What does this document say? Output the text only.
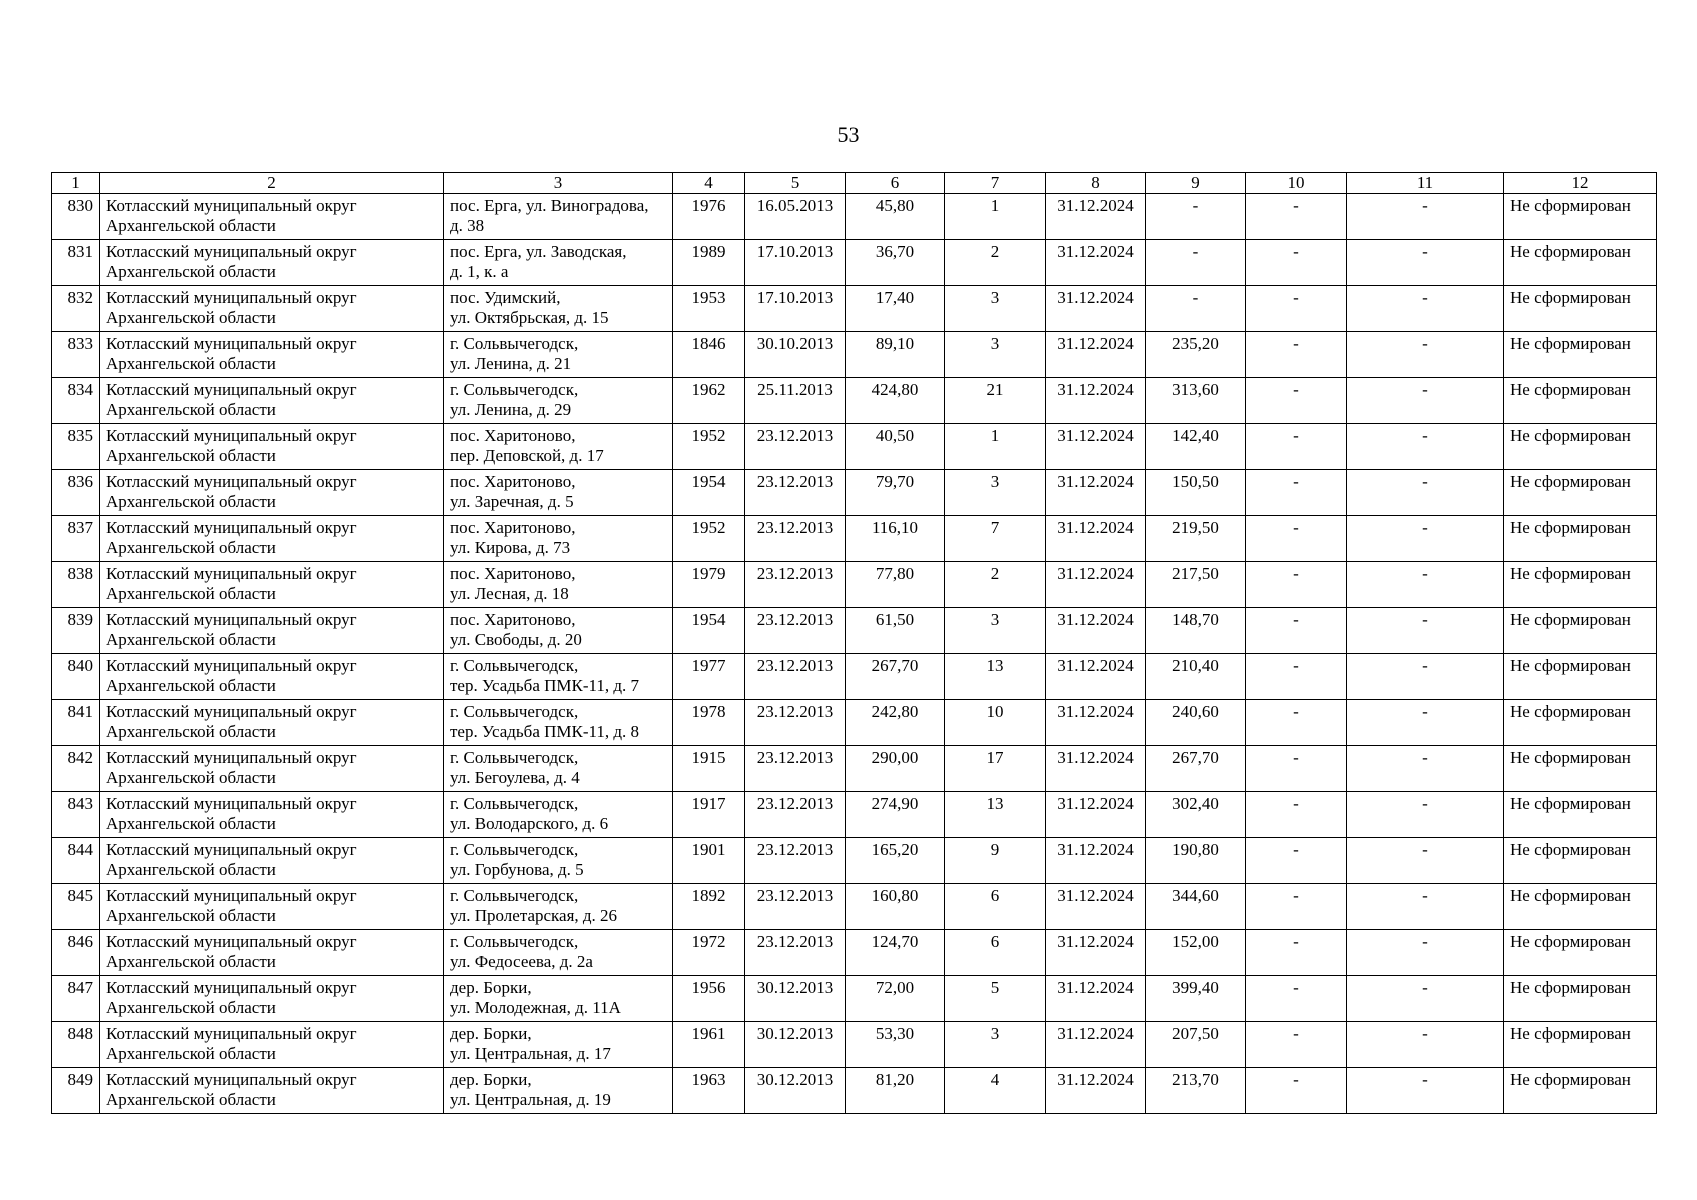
53
1	2	3	4	5	6	7	8	9	10	11	12
830	Котласский муниципальный округ
Архангельской области	пос. Ерга, ул. Виноградова,
д. 38	1976	16.05.2013	45,80	1	31.12.2024	-	-	-	Не сформирован
831	Котласский муниципальный округ
Архангельской области	пос. Ерга, ул. Заводская,
д. 1, к. а	1989	17.10.2013	36,70	2	31.12.2024	-	-	-	Не сформирован
832	Котласский муниципальный округ
Архангельской области	пос. Удимский,
ул. Октябрьская, д. 15	1953	17.10.2013	17,40	3	31.12.2024	-	-	-	Не сформирован
833	Котласский муниципальный округ
Архангельской области	г. Сольвычегодск,
ул. Ленина, д. 21	1846	30.10.2013	89,10	3	31.12.2024	235,20	-	-	Не сформирован
834	Котласский муниципальный округ
Архангельской области	г. Сольвычегодск,
ул. Ленина, д. 29	1962	25.11.2013	424,80	21	31.12.2024	313,60	-	-	Не сформирован
835	Котласский муниципальный округ
Архангельской области	пос. Харитоново,
пер. Деповской, д. 17	1952	23.12.2013	40,50	1	31.12.2024	142,40	-	-	Не сформирован
836	Котласский муниципальный округ
Архангельской области	пос. Харитоново,
ул. Заречная, д. 5	1954	23.12.2013	79,70	3	31.12.2024	150,50	-	-	Не сформирован
837	Котласский муниципальный округ
Архангельской области	пос. Харитоново,
ул. Кирова, д. 73	1952	23.12.2013	116,10	7	31.12.2024	219,50	-	-	Не сформирован
838	Котласский муниципальный округ
Архангельской области	пос. Харитоново,
ул. Лесная, д. 18	1979	23.12.2013	77,80	2	31.12.2024	217,50	-	-	Не сформирован
839	Котласский муниципальный округ
Архангельской области	пос. Харитоново,
ул. Свободы, д. 20	1954	23.12.2013	61,50	3	31.12.2024	148,70	-	-	Не сформирован
840	Котласский муниципальный округ
Архангельской области	г. Сольвычегодск,
тер. Усадьба ПМК-11, д. 7	1977	23.12.2013	267,70	13	31.12.2024	210,40	-	-	Не сформирован
841	Котласский муниципальный округ
Архангельской области	г. Сольвычегодск,
тер. Усадьба ПМК-11, д. 8	1978	23.12.2013	242,80	10	31.12.2024	240,60	-	-	Не сформирован
842	Котласский муниципальный округ
Архангельской области	г. Сольвычегодск,
ул. Бегоулева, д. 4	1915	23.12.2013	290,00	17	31.12.2024	267,70	-	-	Не сформирован
843	Котласский муниципальный округ
Архангельской области	г. Сольвычегодск,
ул. Володарского, д. 6	1917	23.12.2013	274,90	13	31.12.2024	302,40	-	-	Не сформирован
844	Котласский муниципальный округ
Архангельской области	г. Сольвычегодск,
ул. Горбунова, д. 5	1901	23.12.2013	165,20	9	31.12.2024	190,80	-	-	Не сформирован
845	Котласский муниципальный округ
Архангельской области	г. Сольвычегодск,
ул. Пролетарская, д. 26	1892	23.12.2013	160,80	6	31.12.2024	344,60	-	-	Не сформирован
846	Котласский муниципальный округ
Архангельской области	г. Сольвычегодск,
ул. Федосеева, д. 2а	1972	23.12.2013	124,70	6	31.12.2024	152,00	-	-	Не сформирован
847	Котласский муниципальный округ
Архангельской области	дер. Борки,
ул. Молодежная, д. 11А	1956	30.12.2013	72,00	5	31.12.2024	399,40	-	-	Не сформирован
848	Котласский муниципальный округ
Архангельской области	дер. Борки,
ул. Центральная, д. 17	1961	30.12.2013	53,30	3	31.12.2024	207,50	-	-	Не сформирован
849	Котласский муниципальный округ
Архангельской области	дер. Борки,
ул. Центральная, д. 19	1963	30.12.2013	81,20	4	31.12.2024	213,70	-	-	Не сформирован
